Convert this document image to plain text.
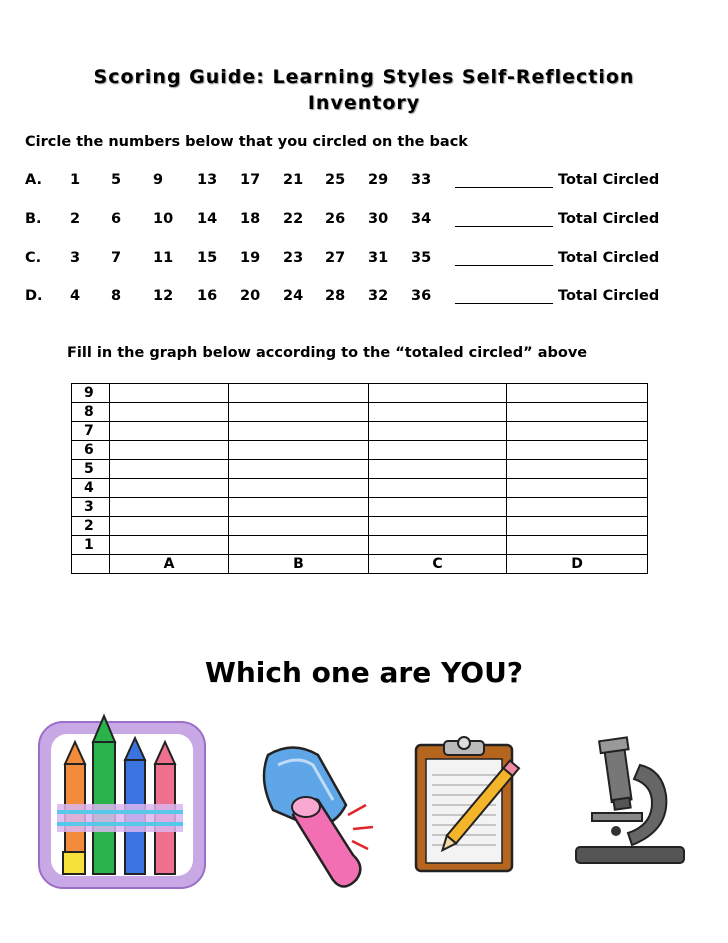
Scoring Guide: Learning Styles Self-Reflection Inventory
Circle the numbers below that you circled on the back
A. 1 5 9 13 17 21 25 29 33	Total Circled
B. 2 6 10 14 18 22 26 30 34	Total Circled
C. 3 7 11 15 19 23 27 31 35	Total Circled
D. 4 8 12 16 20 24 28 32 36	Total Circled
Fill in the graph below according to the “totaled circled” above
9				
8				
7				
6				
5				
4				
3				
2				
1				
	A	B	C	D
Which one are YOU?
